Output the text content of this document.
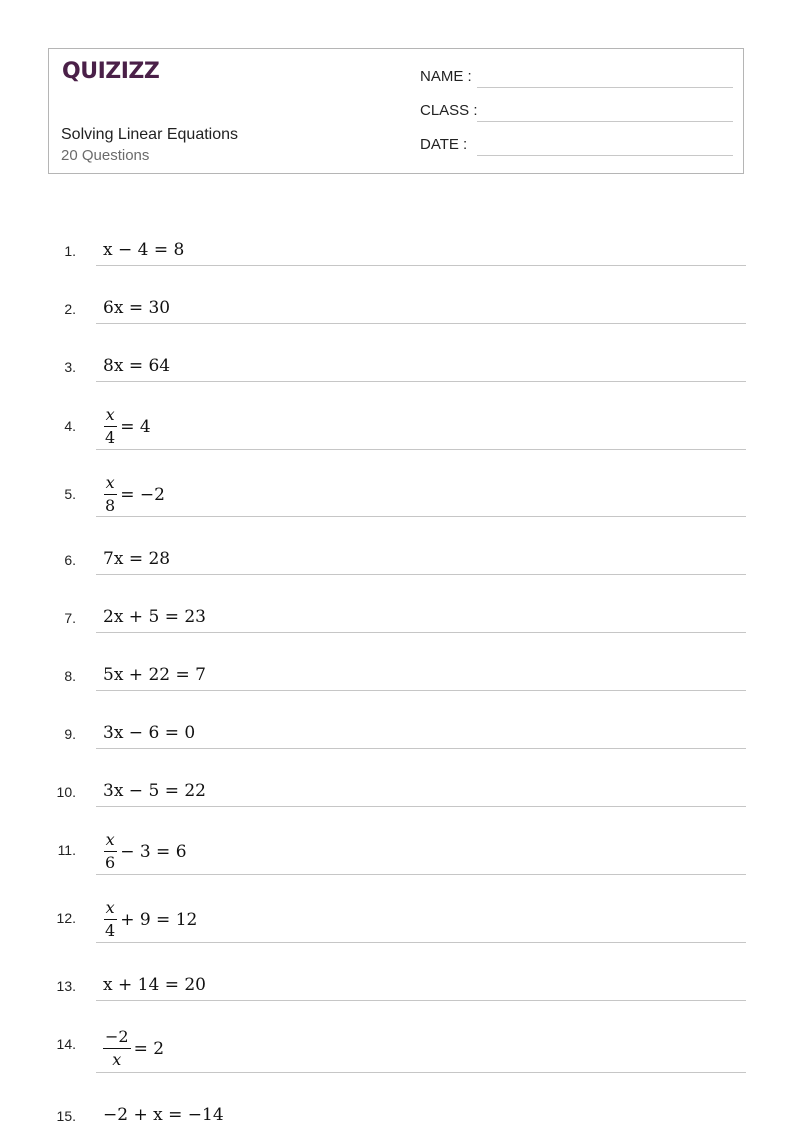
QUIZIZZ
Solving Linear Equations
20 Questions
NAME :
CLASS :
DATE :
1. x − 4
= 8
2. 6x
= 30
3. 8x
= 64
4. $\frac{x}{4} = 4$
5. $\frac{x}{8} = -2$
6. 7x
= 28
7. 2x + 5
= 23
8. 5x + 22
= 7
9. 3x − 6
= 0
10. 3x − 5
= 22
11. $\frac{x}{6} - 3 = 6$
12. $\frac{x}{4} + 9 = 12$
13. x + 14
= 20
14. $\frac{-2}{x} = 2$
15. −2 + x
= −14
